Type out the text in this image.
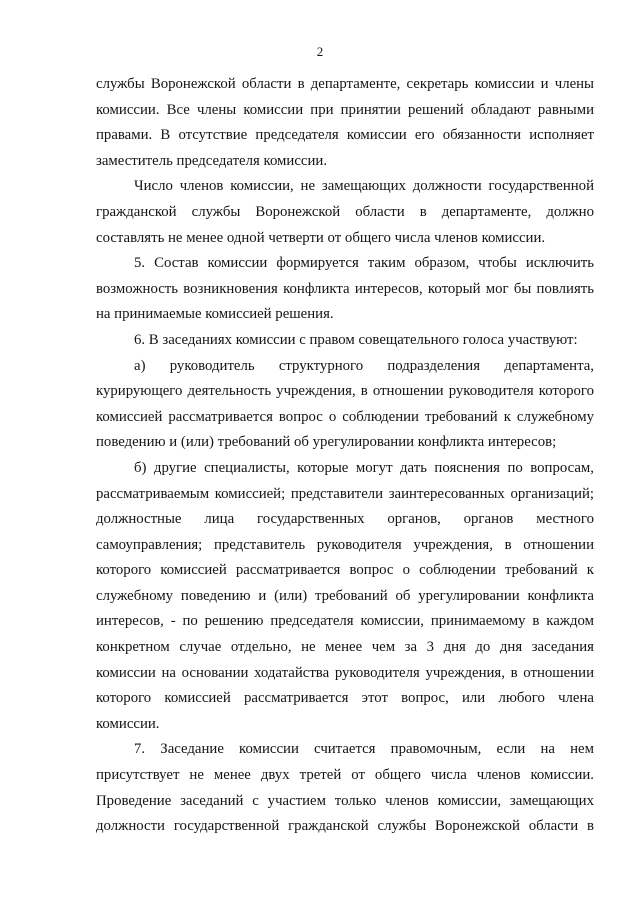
2
службы Воронежской области в департаменте, секретарь комиссии и члены
комиссии. Все члены комиссии при принятии решений обладают равными
правами. В отсутствие председателя комиссии его обязанности исполняет
заместитель председателя комиссии.
Число членов комиссии, не замещающих должности государственной
гражданской службы Воронежской области в департаменте, должно
составлять не менее одной четверти от общего числа членов комиссии.
5. Состав комиссии формируется таким образом, чтобы исключить
возможность возникновения конфликта интересов, который мог бы повлиять
на принимаемые комиссией решения.
6. В заседаниях комиссии с правом совещательного голоса участвуют:
а) руководитель структурного подразделения департамента,
курирующего деятельность учреждения, в отношении руководителя которого
комиссией рассматривается вопрос о соблюдении требований к служебному
поведению и (или) требований об урегулировании конфликта интересов;
б) другие специалисты, которые могут дать пояснения по вопросам,
рассматриваемым комиссией; представители заинтересованных организаций;
должностные лица государственных органов, органов местного
самоуправления; представитель руководителя учреждения, в отношении
которого комиссией рассматривается вопрос о соблюдении требований к
служебному поведению и (или) требований об урегулировании конфликта
интересов, - по решению председателя комиссии, принимаемому в каждом
конкретном случае отдельно, не менее чем за 3 дня до дня заседания
комиссии на основании ходатайства руководителя учреждения, в отношении
которого комиссией рассматривается этот вопрос, или любого члена
комиссии.
7. Заседание комиссии считается правомочным, если на нем
присутствует не менее двух третей от общего числа членов комиссии.
Проведение заседаний с участием только членов комиссии, замещающих
должности государственной гражданской службы Воронежской области в
